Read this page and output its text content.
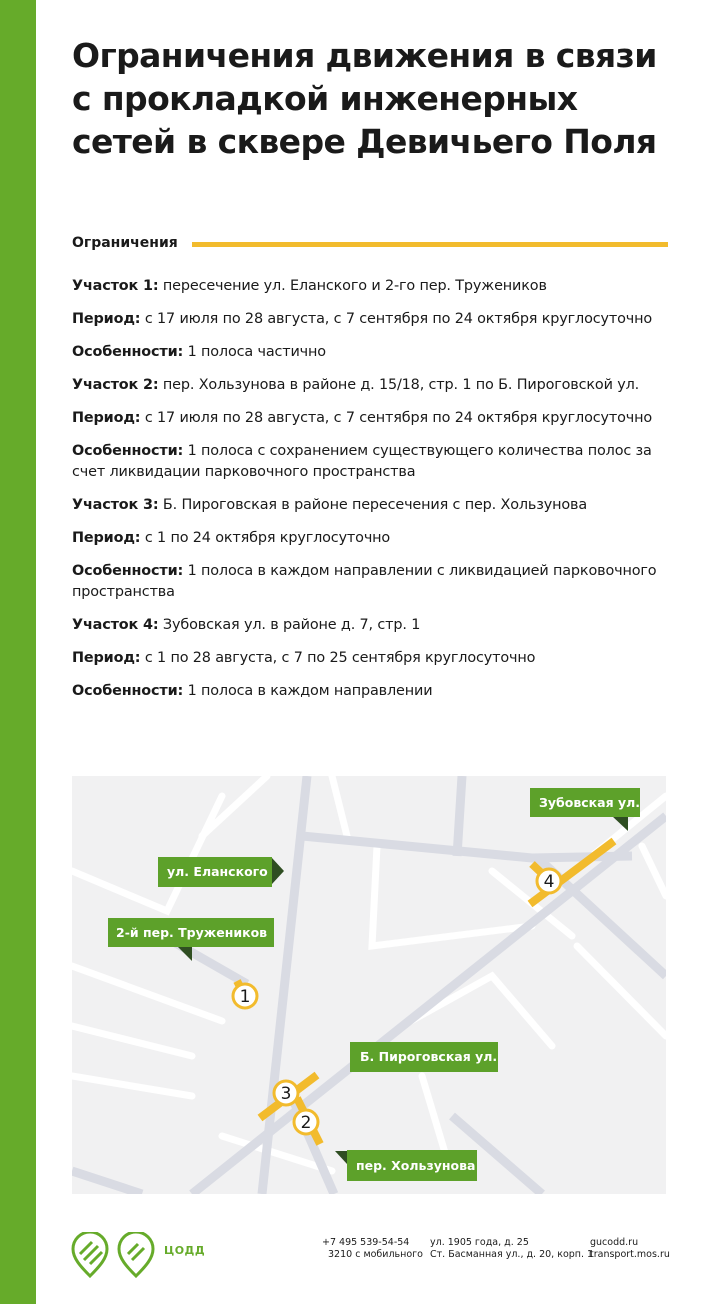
Ограничения движения в связи с прокладкой инженерных сетей в сквере Девичьего Поля
Ограничения

Участок 1: пересечение ул. Еланского и 2-го пер. Тружеников

Период: с 17 июля по 28 августа, с 7 сентября по 24 октября круглосуточно

Особенности: 1 полоса частично

Участок 2: пер. Хользунова в районе д. 15/18, стр. 1 по Б. Пироговской ул.

Период: с 17 июля по 28 августа, с 7 сентября по 24 октября круглосуточно

Особенности: 1 полоса с сохранением существующего количества полос за счет ликвидации парковочного пространства

Участок 3: Б. Пироговская в районе пересечения с пер. Хользунова

Период: с 1 по 24 октября круглосуточно

Особенности: 1 полоса в каждом направлении с ликвидацией парковочного пространства

Участок 4: Зубовская ул. в районе д. 7, стр. 1

Период: с 1 по 28 августа, с 7 по 25 сентября круглосуточно

Особенности: 1 полоса в каждом направлении

Зубовская ул.
ул. Еланского
2-й пер. Тружеников
Б. Пироговская ул.
пер. Хользунова
1
2
3
4
ЦОДД
+7 495 539-54-54
3210 с мобильного
ул. 1905 года, д. 25
Ст. Басманная ул., д. 20, корп. 1
gucodd.ru
transport.mos.ru
